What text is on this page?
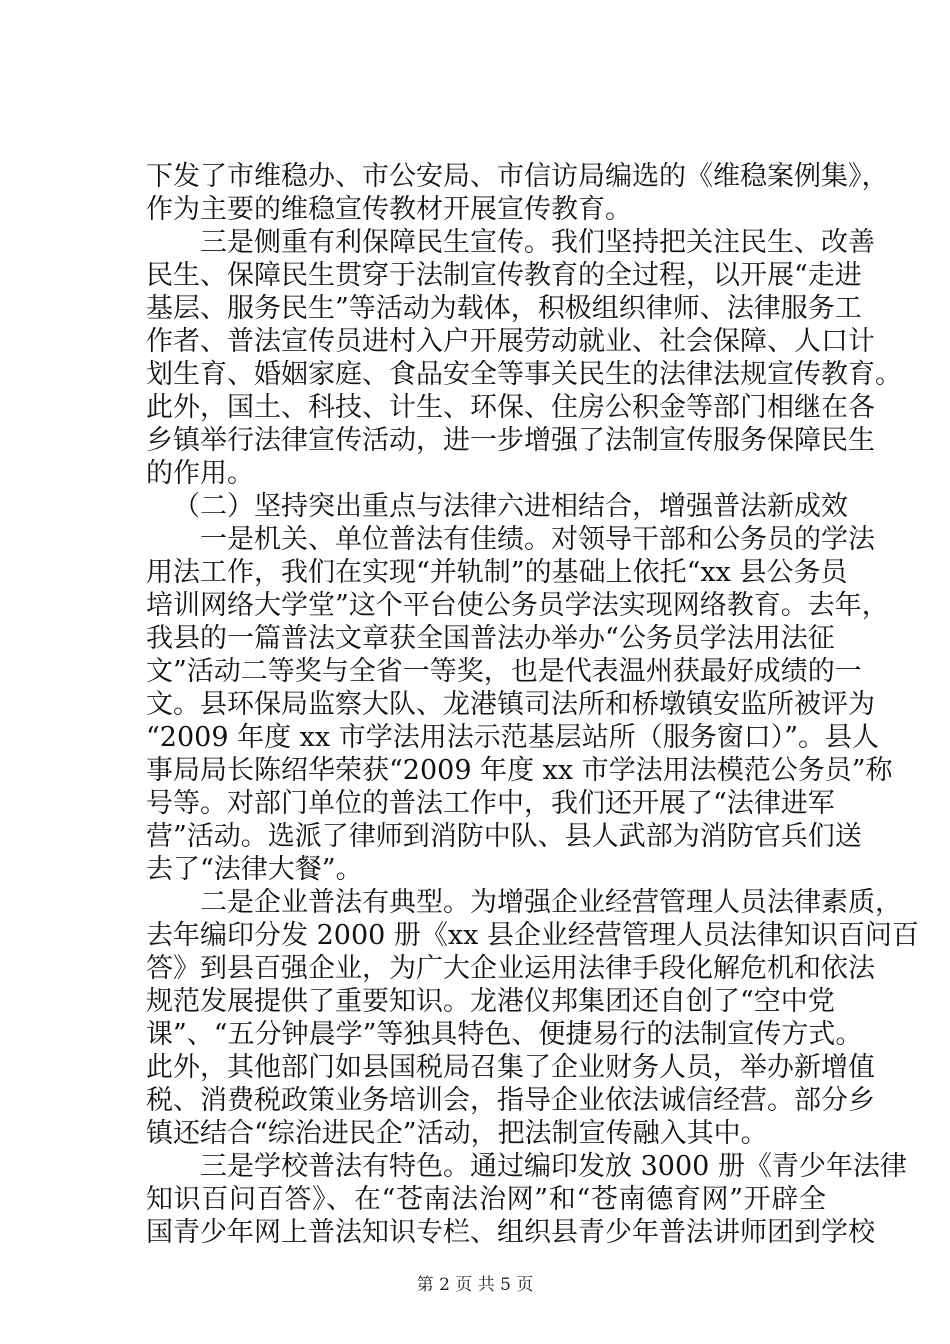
下发了市维稳办、市公安局、市信访局编选的《维稳案例集》，
作为主要的维稳宣传教材开展宣传教育。
三是侧重有利保障民生宣传。我们坚持把关注民生、改善
民生、保障民生贯穿于法制宣传教育的全过程，以开展“走进
基层、服务民生”等活动为载体，积极组织律师、法律服务工
作者、普法宣传员进村入户开展劳动就业、社会保障、人口计
划生育、婚姻家庭、食品安全等事关民生的法律法规宣传教育。
此外，国土、科技、计生、环保、住房公积金等部门相继在各
乡镇举行法律宣传活动，进一步增强了法制宣传服务保障民生
的作用。
（二）坚持突出重点与法律六进相结合，增强普法新成效
一是机关、单位普法有佳绩。对领导干部和公务员的学法
用法工作，我们在实现“并轨制”的基础上依托“xx 县公务员
培训网络大学堂”这个平台使公务员学法实现网络教育。去年，
我县的一篇普法文章获全国普法办举办“公务员学法用法征
文”活动二等奖与全省一等奖，也是代表温州获最好成绩的一
文。县环保局监察大队、龙港镇司法所和桥墩镇安监所被评为
“2009 年度 xx 市学法用法示范基层站所（服务窗口）”。县人
事局局长陈绍华荣获“2009 年度 xx 市学法用法模范公务员”称
号等。对部门单位的普法工作中，我们还开展了“法律进军
营”活动。选派了律师到消防中队、县人武部为消防官兵们送
去了“法律大餐”。
二是企业普法有典型。为增强企业经营管理人员法律素质，
去年编印分发 2000 册《xx 县企业经营管理人员法律知识百问百
答》到县百强企业，为广大企业运用法律手段化解危机和依法
规范发展提供了重要知识。龙港仪邦集团还自创了“空中党
课”、“五分钟晨学”等独具特色、便捷易行的法制宣传方式。
此外，其他部门如县国税局召集了企业财务人员，举办新增值
税、消费税政策业务培训会，指导企业依法诚信经营。部分乡
镇还结合“综治进民企”活动，把法制宣传融入其中。
三是学校普法有特色。通过编印发放 3000 册《青少年法律
知识百问百答》、在“苍南法治网”和“苍南德育网”开辟全
国青少年网上普法知识专栏、组织县青少年普法讲师团到学校
第 2 页 共 5 页
